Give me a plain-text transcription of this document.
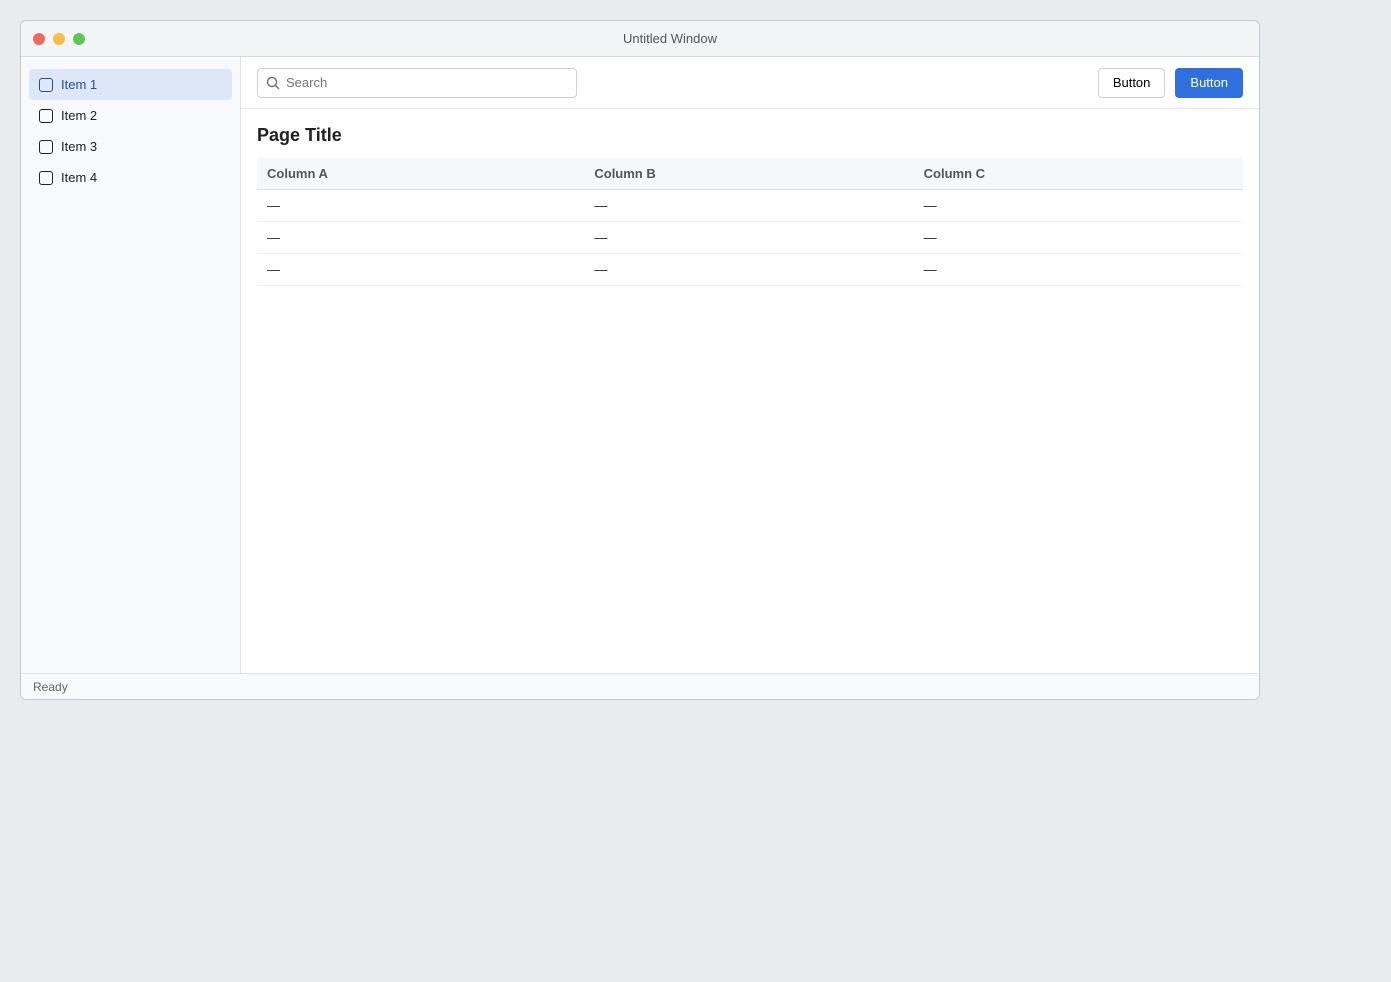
Untitled Window
Item 1
Item 2
Item 3
Item 4
Search
Button	Button
Page Title
Column A	Column B	Column C
—	—	—
—	—	—
—	—	—
Ready
